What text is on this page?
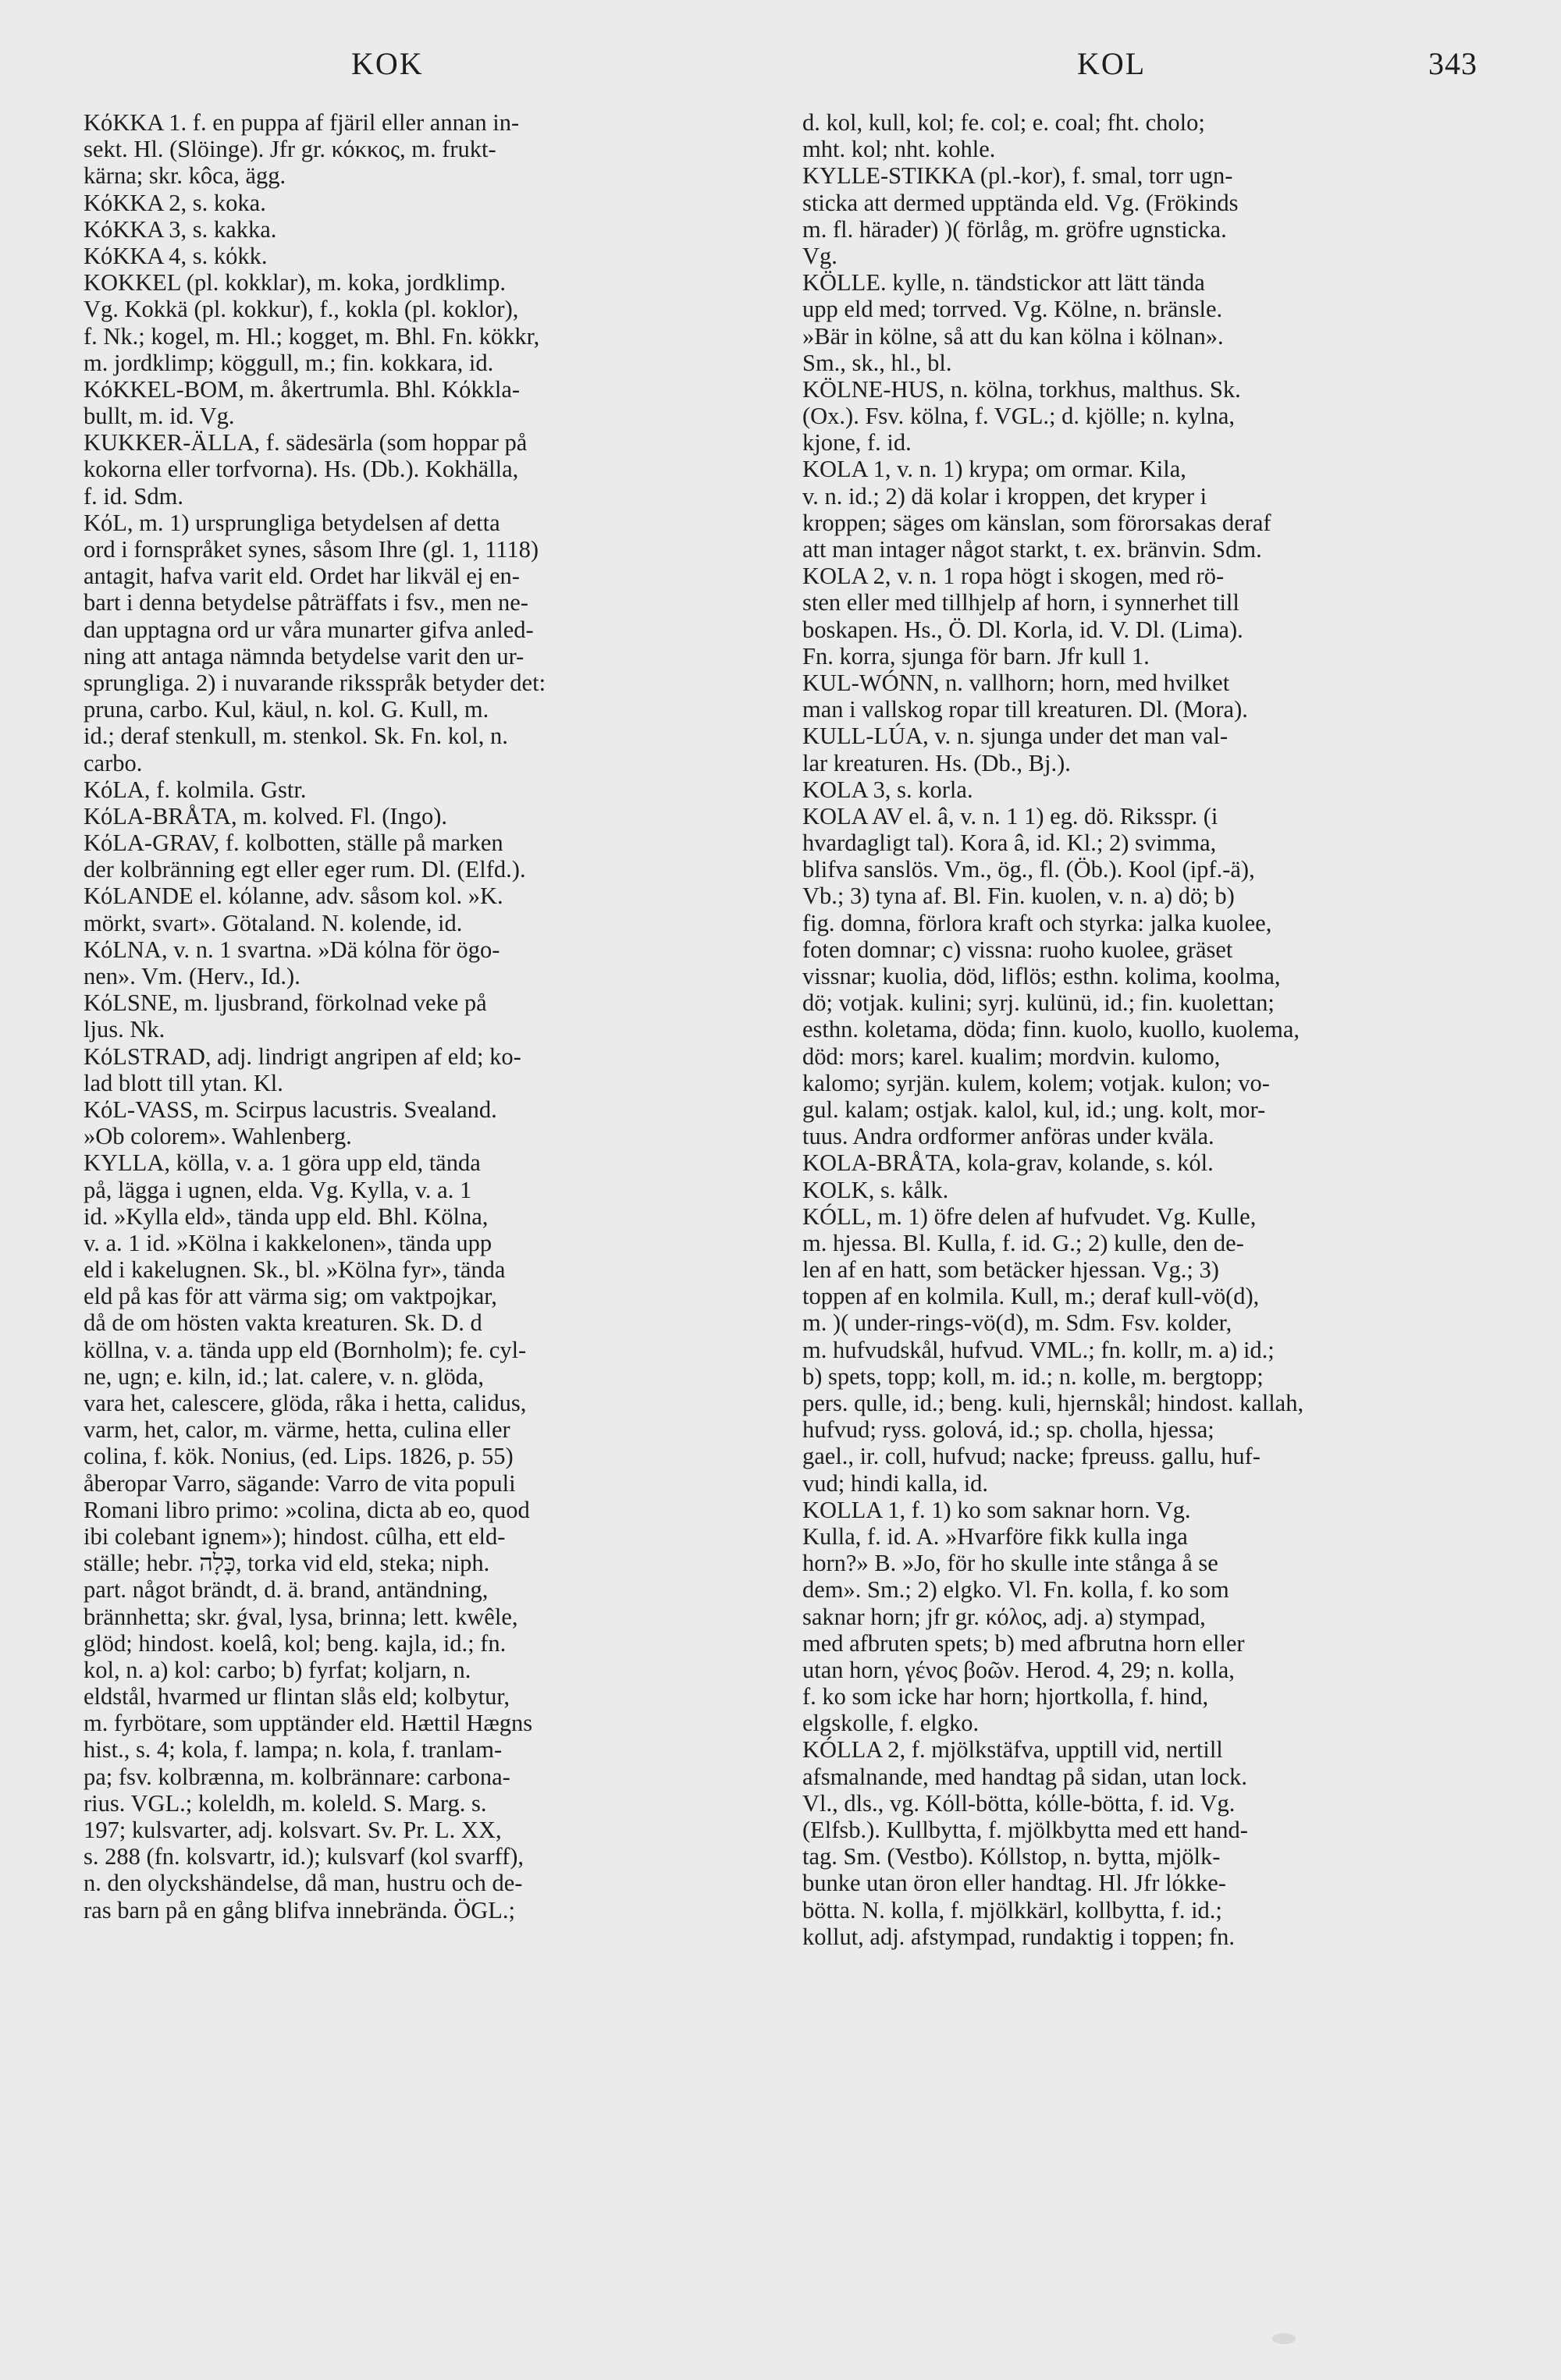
KOK	KOL	343
KόKKA 1. f. en puppa af fjäril eller annan in-
sekt. Hl. (Slöinge). Jfr gr. κόκκος, m. frukt-
kärna; skr. kôca, ägg.
KόKKA 2, s. koka.
KόKKA 3, s. kakka.
KόKKA 4, s. kόkk.
KOKKEL (pl. kokklar), m. koka, jordklimp.
Vg. Kokkä (pl. kokkur), f., kokla (pl. koklor),
f. Nk.; kogel, m. Hl.; kogget, m. Bhl. Fn. kökkr,
m. jordklimp; köggull, m.; fin. kokkara, id.
KόKKEL-BOM, m. åkertrumla. Bhl. Kόkkla-
bullt, m. id. Vg.
KUKKER-ÄLLA, f. sädesärla (som hoppar på
kokorna eller torfvorna). Hs. (Db.). Kokhälla,
f. id. Sdm.
KόL, m. 1) ursprungliga betydelsen af detta
ord i fornspråket synes, såsom Ihre (gl. 1, 1118)
antagit, hafva varit eld. Ordet har likväl ej en-
bart i denna betydelse påträffats i fsv., men ne-
dan upptagna ord ur våra munarter gifva anled-
ning att antaga nämnda betydelse varit den ur-
sprungliga. 2) i nuvarande riksspråk betyder det:
pruna, carbo. Kul, käul, n. kol. G. Kull, m.
id.; deraf stenkull, m. stenkol. Sk. Fn. kol, n.
carbo.
KόLA, f. kolmila. Gstr.
KόLA-BRÅTA, m. kolved. Fl. (Ingo).
KόLA-GRAV, f. kolbotten, ställe på marken
der kolbränning egt eller eger rum. Dl. (Elfd.).
KόLANDE el. kόlanne, adv. såsom kol. »K.
mörkt, svart». Götaland. N. kolende, id.
KόLNA, v. n. 1 svartna. »Dä kόlna för ögo-
nen». Vm. (Herv., Id.).
KόLSNE, m. ljusbrand, förkolnad veke på
ljus. Nk.
KόLSTRAD, adj. lindrigt angripen af eld; ko-
lad blott till ytan. Kl.
KόL-VASS, m. Scirpus lacustris. Svealand.
»Ob colorem». Wahlenberg.
KYLLA, kölla, v. a. 1 göra upp eld, tända
på, lägga i ugnen, elda. Vg. Kylla, v. a. 1
id. »Kylla eld», tända upp eld. Bhl. Kölna,
v. a. 1 id. »Kölna i kakkelonen», tända upp
eld i kakelugnen. Sk., bl. »Kölna fyr», tända
eld på kas för att värma sig; om vaktpojkar,
då de om hösten vakta kreaturen. Sk. D. d
köllna, v. a. tända upp eld (Bornholm); fe. cyl-
ne, ugn; e. kiln, id.; lat. calere, v. n. glöda,
vara het, calescere, glöda, råka i hetta, calidus,
varm, het, calor, m. värme, hetta, culina eller
colina, f. kök. Nonius, (ed. Lips. 1826, p. 55)
åberopar Varro, sägande: Varro de vita populi
Romani libro primo: »colina, dicta ab eo, quod
ibi colebant ignem»); hindost. cûlha, ett eld-
ställe; hebr. כָּלָה, torka vid eld, steka; niph.
part. något brändt, d. ä. brand, antändning,
brännhetta; skr. ǵval, lysa, brinna; lett. kwêle,
glöd; hindost. koelâ, kol; beng. kajla, id.; fn.
kol, n. a) kol: carbo; b) fyrfat; koljarn, n.
eldstål, hvarmed ur flintan slås eld; kolbytur,
m. fyrbötare, som upptänder eld. Hættil Hægns
hist., s. 4; kola, f. lampa; n. kola, f. tranlam-
pa; fsv. kolbrænna, m. kolbrännare: carbona-
rius. VGL.; koleldh, m. koleld. S. Marg. s.
197; kulsvarter, adj. kolsvart. Sv. Pr. L. XX,
s. 288 (fn. kolsvartr, id.); kulsvarf (kol svarff),
n. den olyckshändelse, då man, hustru och de-
ras barn på en gång blifva innebrända. ÖGL.;
d. kol, kull, kol; fe. col; e. coal; fht. cholo;
mht. kol; nht. kohle.
KYLLE-STIKKA (pl.-kor), f. smal, torr ugn-
sticka att dermed upptända eld. Vg. (Frökinds
m. fl. härader) )( förlåg, m. gröfre ugnsticka.
Vg.
KÖLLE. kylle, n. tändstickor att lätt tända
upp eld med; torrved. Vg. Kölne, n. bränsle.
»Bär in kölne, så att du kan kölna i kölnan».
Sm., sk., hl., bl.
KÖLNE-HUS, n. kölna, torkhus, malthus. Sk.
(Ox.). Fsv. kölna, f. VGL.; d. kjölle; n. kylna,
kjone, f. id.
KOLA 1, v. n. 1) krypa; om ormar. Kila,
v. n. id.; 2) dä kolar i kroppen, det kryper i
kroppen; säges om känslan, som förorsakas deraf
att man intager något starkt, t. ex. bränvin. Sdm.
KOLA 2, v. n. 1 ropa högt i skogen, med rö-
sten eller med tillhjelp af horn, i synnerhet till
boskapen. Hs., Ö. Dl. Korla, id. V. Dl. (Lima).
Fn. korra, sjunga för barn. Jfr kull 1.
KUL-WÓNN, n. vallhorn; horn, med hvilket
man i vallskog ropar till kreaturen. Dl. (Mora).
KULL-LÚA, v. n. sjunga under det man val-
lar kreaturen. Hs. (Db., Bj.).
KOLA 3, s. korla.
KOLA AV el. â, v. n. 1 1) eg. dö. Riksspr. (i
hvardagligt tal). Kora â, id. Kl.; 2) svimma,
blifva sanslös. Vm., ög., fl. (Öb.). Kool (ipf.-ä),
Vb.; 3) tyna af. Bl. Fin. kuolen, v. n. a) dö; b)
fig. domna, förlora kraft och styrka: jalka kuolee,
foten domnar; c) vissna: ruoho kuolee, gräset
vissnar; kuolia, död, liflös; esthn. kolima, koolma,
dö; votjak. kulini; syrj. kulünü, id.; fin. kuolettan;
esthn. koletama, döda; finn. kuolo, kuollo, kuolema,
död: mors; karel. kualim; mordvin. kulomo,
kalomo; syrjän. kulem, kolem; votjak. kulon; vo-
gul. kalam; ostjak. kalol, kul, id.; ung. kolt, mor-
tuus. Andra ordformer anföras under kväla.
KOLA-BRÅTA, kola-grav, kolande, s. kόl.
KOLK, s. kålk.
KÓLL, m. 1) öfre delen af hufvudet. Vg. Kulle,
m. hjessa. Bl. Kulla, f. id. G.; 2) kulle, den de-
len af en hatt, som betäcker hjessan. Vg.; 3)
toppen af en kolmila. Kull, m.; deraf kull-vö(d),
m. )( under-rings-vö(d), m. Sdm. Fsv. kolder,
m. hufvudskål, hufvud. VML.; fn. kollr, m. a) id.;
b) spets, topp; koll, m. id.; n. kolle, m. bergtopp;
pers. qulle, id.; beng. kuli, hjernskål; hindost. kallah,
hufvud; ryss. golová, id.; sp. cholla, hjessa;
gael., ir. coll, hufvud; nacke; fpreuss. gallu, huf-
vud; hindi kalla, id.
KOLLA 1, f. 1) ko som saknar horn. Vg.
Kulla, f. id. A. »Hvarföre fikk kulla inga
horn?» B. »Jo, för ho skulle inte stånga å se
dem». Sm.; 2) elgko. Vl. Fn. kolla, f. ko som
saknar horn; jfr gr. κόλος, adj. a) stympad,
med afbruten spets; b) med afbrutna horn eller
utan horn, γένος βοῶν. Herod. 4, 29; n. kolla,
f. ko som icke har horn; hjortkolla, f. hind,
elgskolle, f. elgko.
KÓLLA 2, f. mjölkstäfva, upptill vid, nertill
afsmalnande, med handtag på sidan, utan lock.
Vl., dls., vg. Kόll-bötta, kόlle-bötta, f. id. Vg.
(Elfsb.). Kullbytta, f. mjölkbytta med ett hand-
tag. Sm. (Vestbo). Kόllstop, n. bytta, mjölk-
bunke utan öron eller handtag. Hl. Jfr lόkke-
bötta. N. kolla, f. mjölkkärl, kollbytta, f. id.;
kollut, adj. afstympad, rundaktig i toppen; fn.
